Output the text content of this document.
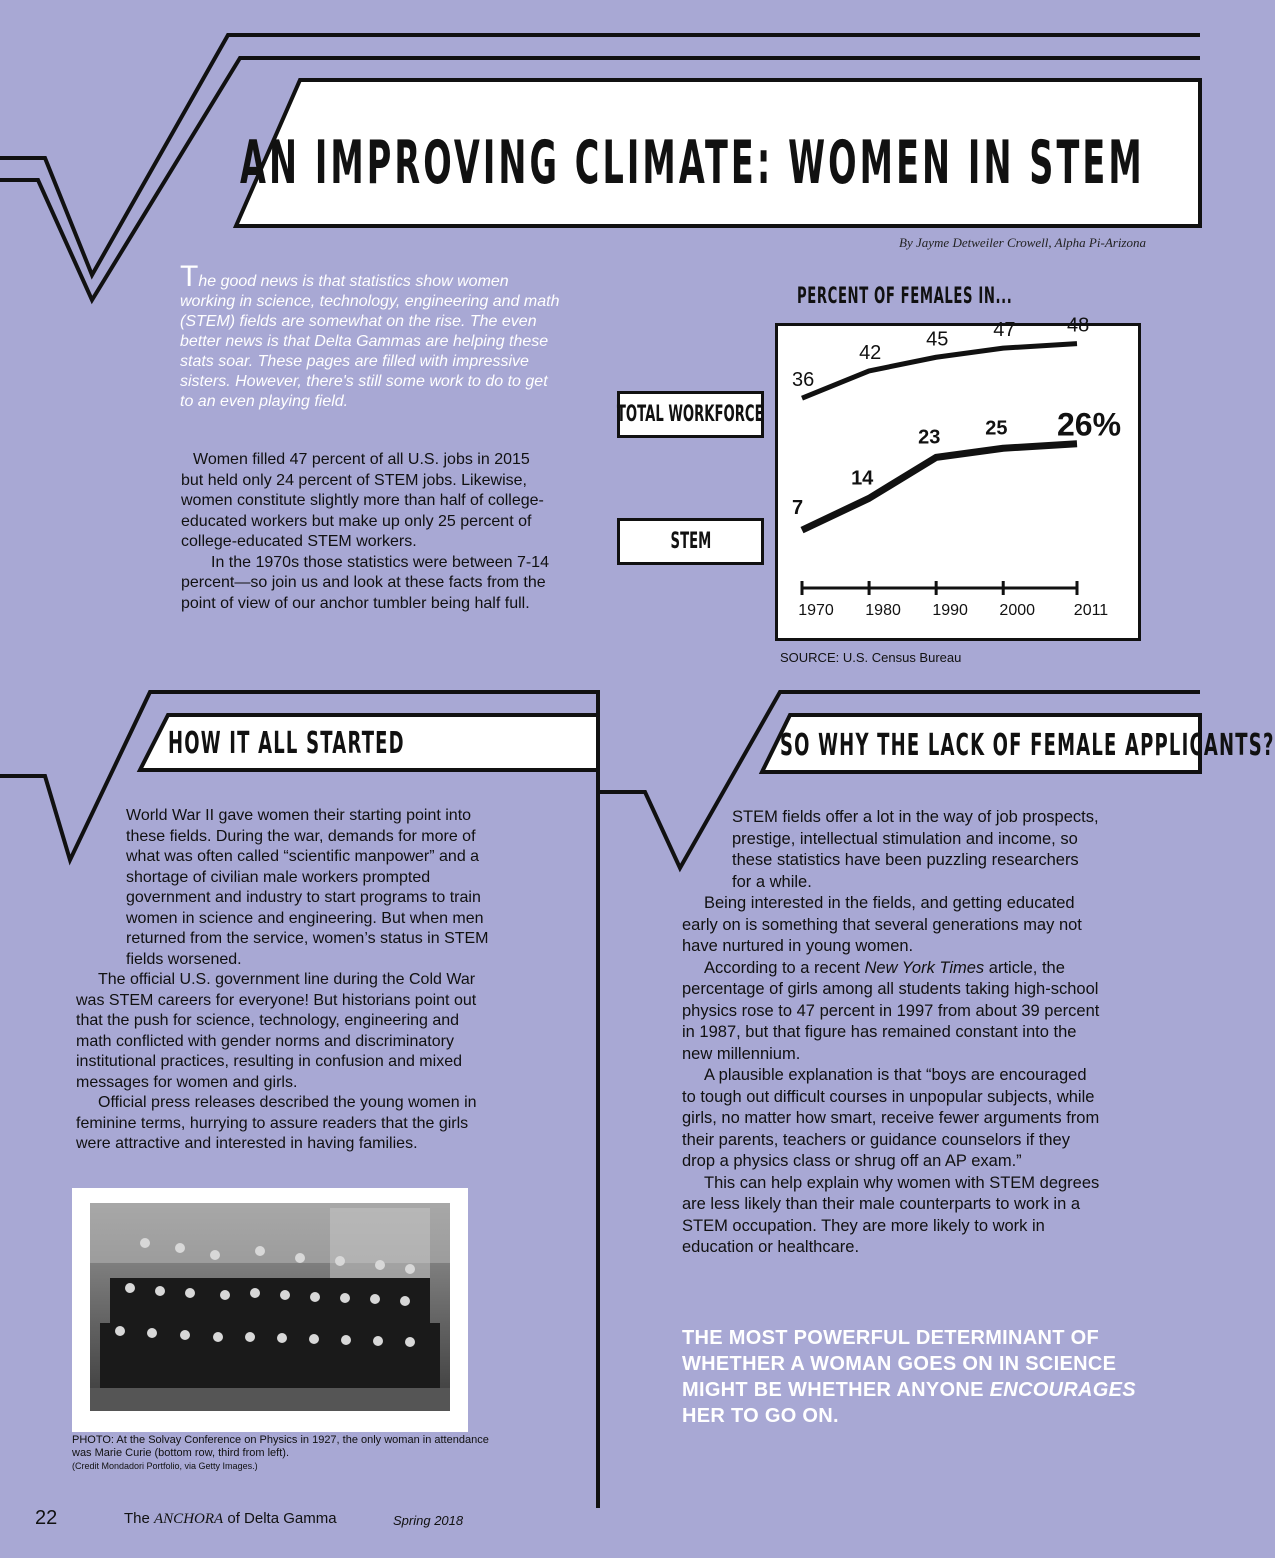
AN IMPROVING CLIMATE: WOMEN IN STEM
By Jayme Detweiler Crowell, Alpha Pi-Arizona
The good news is that statistics show women working in science, technology, engineering and math (STEM) fields are somewhat on the rise. The even better news is that Delta Gammas are helping these stats soar. These pages are filled with impressive sisters. However, there's still some work to do to get to an even playing field.

Women filled 47 percent of all U.S. jobs in 2015 but held only 24 percent of STEM jobs. Likewise, women constitute slightly more than half of college-educated workers but make up only 25 percent of college-educated STEM workers.

In the 1970s those statistics were between 7-14 percent—so join us and look at these facts from the point of view of our anchor tumbler being half full.

PERCENT OF FEMALES IN...
TOTAL WORKFORCE
STEM
1970 1980 1990 2000 2011
36
42
45 47	48
7
14
23 25 26%
SOURCE: U.S. Census Bureau
HOW IT ALL STARTED

World War II gave women their starting point into these fields. During the war, demands for more of what was often called “scientific manpower” and a shortage of civilian male workers prompted government and industry to start programs to train women in science and engineering. But when men returned from the service, women’s status in STEM fields worsened.

The official U.S. government line during the Cold War was STEM careers for everyone! But historians point out that the push for science, technology, engineering and math conflicted with gender norms and discriminatory institutional practices, resulting in confusion and mixed messages for women and girls.

Official press releases described the young women in feminine terms, hurrying to assure readers that the girls were attractive and interested in having families.

PHOTO: At the Solvay Conference on Physics in 1927, the only woman in attendance was Marie Curie (bottom row, third from left).
(Credit Mondadori Portfolio, via Getty Images.)
SO WHY THE LACK OF FEMALE APPLICANTS?

STEM fields offer a lot in the way of job prospects, prestige, intellectual stimulation and income, so these statistics have been puzzling researchers for a while.

Being interested in the fields, and getting educated early on is something that several generations may not have nurtured in young women.

According to a recent New York Times article, the percentage of girls among all students taking high-school physics rose to 47 percent in 1997 from about 39 percent in 1987, but that figure has remained constant into the new millennium.

A plausible explanation is that “boys are encouraged to tough out difficult courses in unpopular subjects, while girls, no matter how smart, receive fewer arguments from their parents, teachers or guidance counselors if they drop a physics class or shrug off an AP exam.”

This can help explain why women with STEM degrees are less likely than their male counterparts to work in a STEM occupation. They are more likely to work in education or healthcare.

THE MOST POWERFUL DETERMINANT OF WHETHER A WOMAN GOES ON IN SCIENCE MIGHT BE WHETHER ANYONE ENCOURAGES HER TO GO ON.
22	The ANCHORA of Delta Gamma	Spring 2018
